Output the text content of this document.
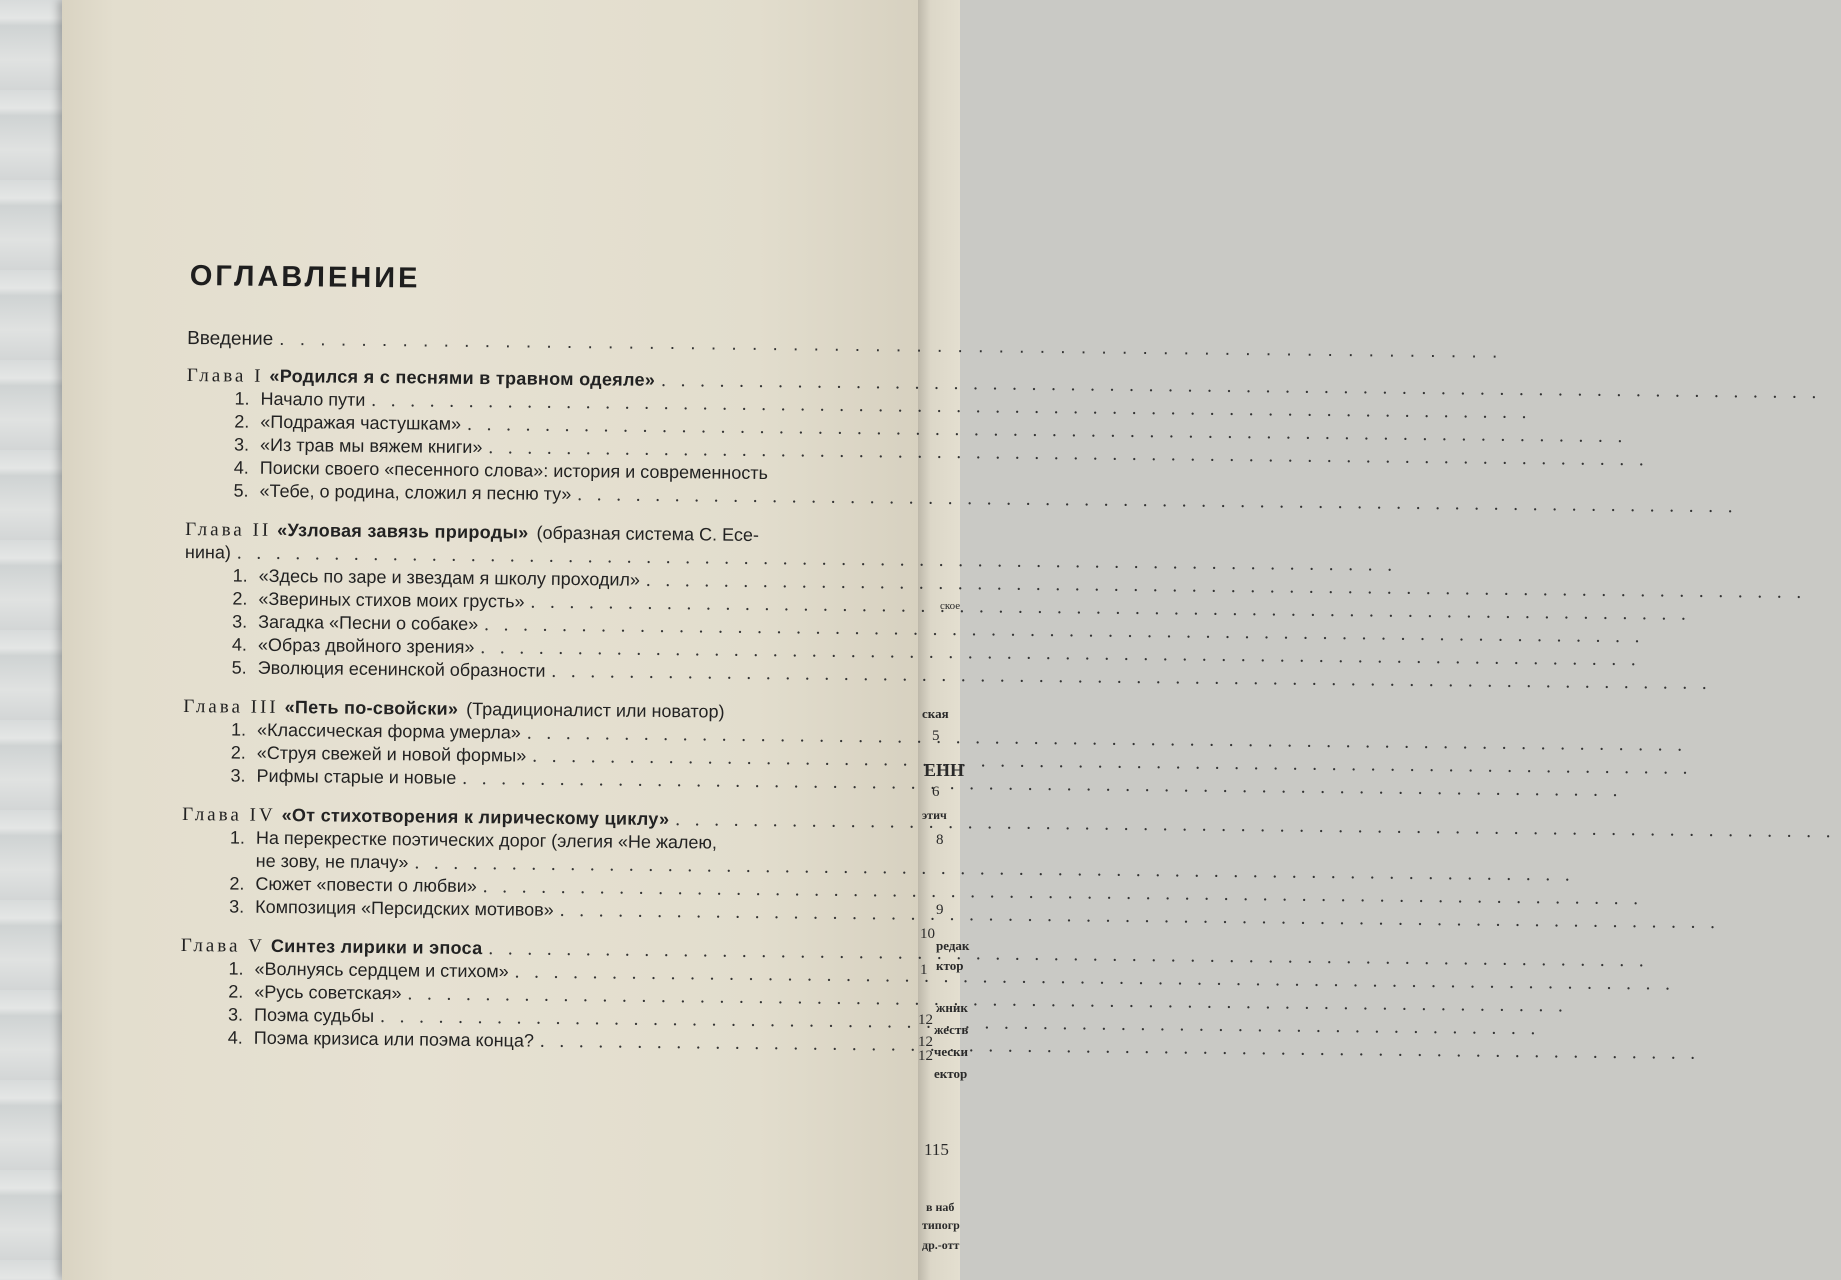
ское
ская
5
ЕНН
6
этич
8
9
10
редак
ктор
жник
жеств
чески
ектор
1
12
12
12
115
в наб
типогр
др.-отт
ОГЛАВЛЕНИЕ
Введение
. . .
Глава I «Родился я с песнями в травном одеяле»
. . .
1. Начало пути
. . .
2. «Подражая частушкам»
. . .
3. «Из трав мы вяжем книги»
. . .
4. Поиски своего «песенного слова»: история и современность
5. «Тебе, о родина, сложил я песню ту»
. . .
Глава II «Узловая завязь природы» (образная система С. Есе-
нина)
. . .
1. «Здесь по заре и звездам я школу проходил»
. . .
2. «Звериных стихов моих грусть»
. . .
3. Загадка «Песни о собаке»
. . .
4. «Образ двойного зрения»
. . .
5. Эволюция есенинской образности
. . .
Глава III «Петь по-свойски» (Традиционалист или новатор)
1. «Классическая форма умерла»
. . .
2. «Струя свежей и новой формы»
. . .
3. Рифмы старые и новые
. . .
Глава IV «От стихотворения к лирическому циклу»
. . .
1. На перекрестке поэтических дорог (элегия «Не жалею,
не зову, не плачу»
. . .
2. Сюжет «повести о любви»
. . .
3. Композиция «Персидских мотивов»
. . .
Глава V Синтез лирики и эпоса
. . .
1. «Волнуясь сердцем и стихом»
. . .
2. «Русь советская»
. . .
3. Поэма судьбы
. . .
4. Поэма кризиса или поэма конца?
. . .
